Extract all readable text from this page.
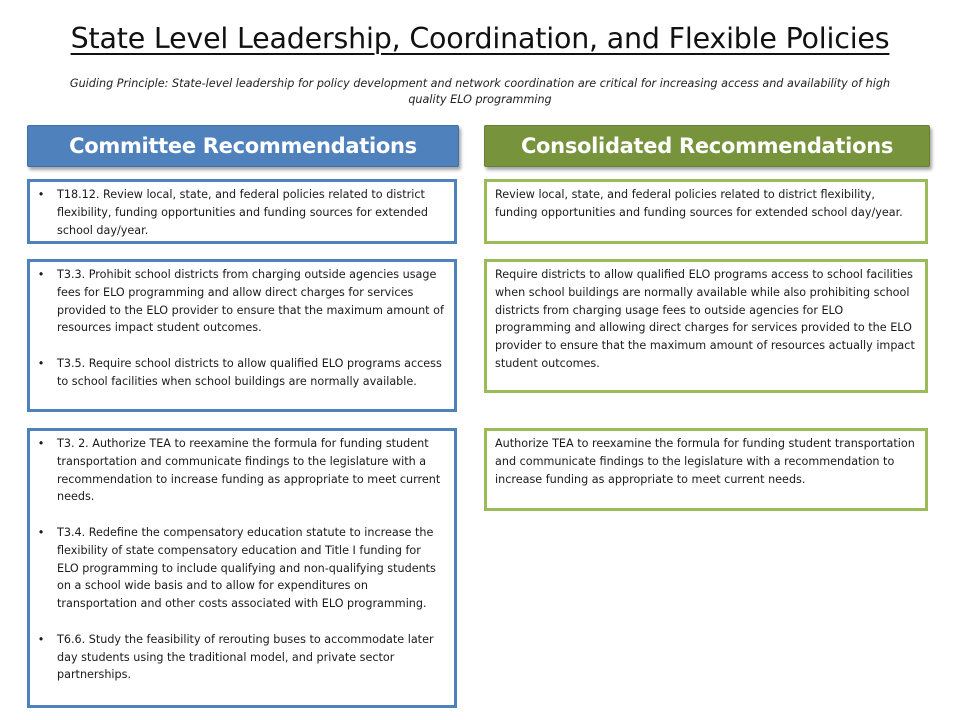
State Level Leadership, Coordination, and Flexible Policies
Guiding Principle: State-level leadership for policy development and network coordination are critical for increasing access and availability of high quality ELO programming
Committee Recommendations	Consolidated Recommendations
• T18.12. Review local, state, and federal policies related to district flexibility, funding opportunities and funding sources for extended school day/year.
• T3.3. Prohibit school districts from charging outside agencies usage fees for ELO programming and allow direct charges for services provided to the ELO provider to ensure that the maximum amount of resources impact student outcomes.
• T3.5. Require school districts to allow qualified ELO programs access to school facilities when school buildings are normally available.
• T3. 2. Authorize TEA to reexamine the formula for funding student transportation and communicate findings to the legislature with a recommendation to increase funding as appropriate to meet current needs.
• T3.4. Redefine the compensatory education statute to increase the flexibility of state compensatory education and Title I funding for ELO programming to include qualifying and non-qualifying students on a school wide basis and to allow for expenditures on transportation and other costs associated with ELO programming.
• T6.6. Study the feasibility of rerouting buses to accommodate later day students using the traditional model, and private sector partnerships.
Review local, state, and federal policies related to district flexibility, funding opportunities and funding sources for extended school day/year.
Require districts to allow qualified ELO programs access to school facilities when school buildings are normally available while also prohibiting school districts from charging usage fees to outside agencies for ELO programming and allowing direct charges for services provided to the ELO provider to ensure that the maximum amount of resources actually impact student outcomes.
Authorize TEA to reexamine the formula for funding student transportation and communicate findings to the legislature with a recommendation to increase funding as appropriate to meet current needs.
